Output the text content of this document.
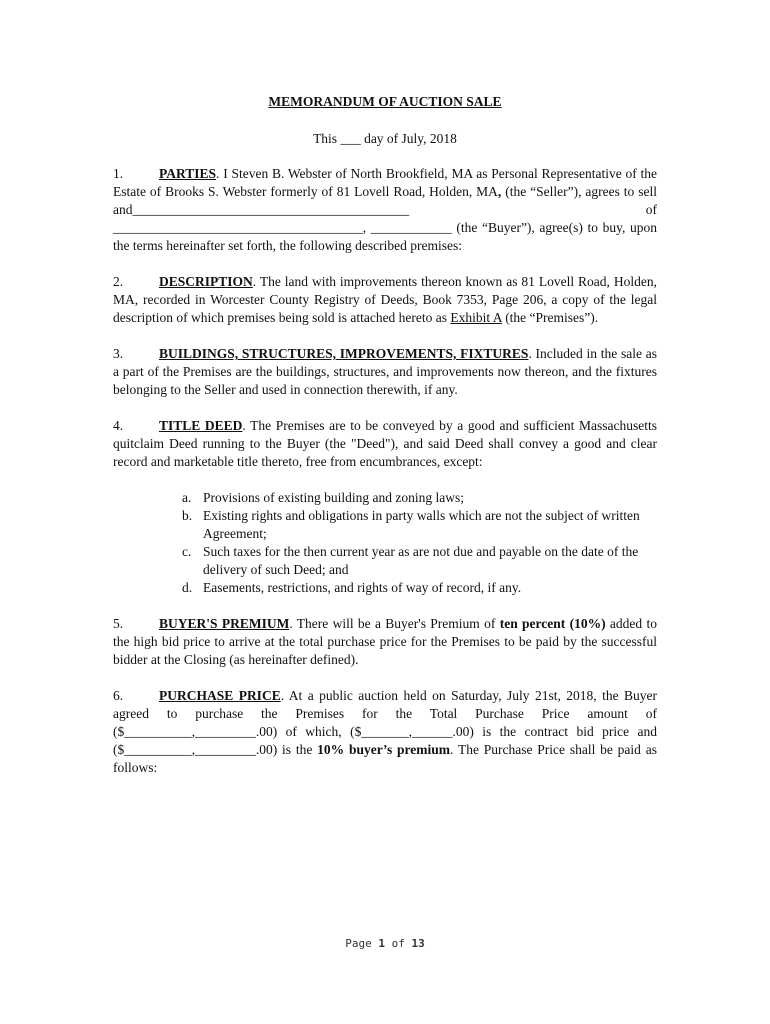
MEMORANDUM OF AUCTION SALE
This ___ day of July, 2018

1.	PARTIES. I Steven B. Webster of North Brookfield, MA as Personal Representative of the Estate of Brooks S. Webster formerly of 81 Lovell Road, Holden, MA, (the “Seller”), agrees to sell and_________________________________________ of _____________________________________, ____________ (the “Buyer”), agree(s) to buy, upon the terms hereinafter set forth, the following described premises:

2.	DESCRIPTION. The land with improvements thereon known as 81 Lovell Road, Holden, MA, recorded in Worcester County Registry of Deeds, Book 7353, Page 206, a copy of the legal description of which premises being sold is attached hereto as Exhibit A (the “Premises”).

3.	BUILDINGS, STRUCTURES, IMPROVEMENTS, FIXTURES. Included in the sale as a part of the Premises are the buildings, structures, and improvements now thereon, and the fixtures belonging to the Seller and used in connection therewith, if any.

4.	TITLE DEED. The Premises are to be conveyed by a good and sufficient Massachusetts quitclaim Deed running to the Buyer (the "Deed"), and said Deed shall convey a good and clear record and marketable title thereto, free from encumbrances, except:

a. Provisions of existing building and zoning laws;
b. Existing rights and obligations in party walls which are not the subject of written Agreement;
c. Such taxes for the then current year as are not due and payable on the date of the delivery of such Deed; and
d. Easements, restrictions, and rights of way of record, if any.

5.	BUYER'S PREMIUM. There will be a Buyer's Premium of ten percent (10%) added to the high bid price to arrive at the total purchase price for the Premises to be paid by the successful bidder at the Closing (as hereinafter defined).

6.	PURCHASE PRICE. At a public auction held on Saturday, July 21st, 2018, the Buyer agreed to purchase the Premises for the Total Purchase Price amount of ($__________,_________.00) of which, ($_______,______.00) is the contract bid price and ($__________,_________.00) is the 10% buyer’s premium. The Purchase Price shall be paid as follows:

Page 1 of 13
